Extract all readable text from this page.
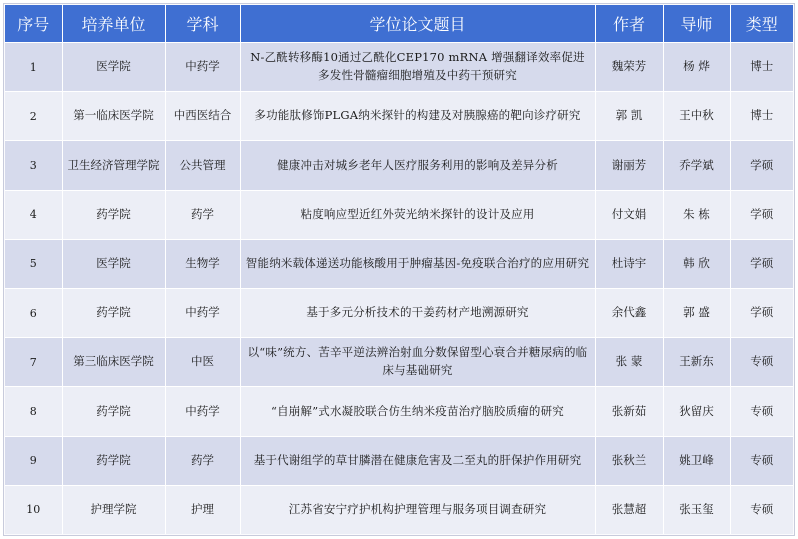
序号	培养单位	学科	学位论文题目	作者	导师	类型
1	医学院	中药学	N-乙酰转移酶10通过乙酰化CEP170 mRNA 增强翻译效率促进多发性骨髓瘤细胞增殖及中药干预研究	魏荣芳	杨 烨	博士
2	第一临床医学院	中西医结合	多功能肽修饰PLGA纳米探针的构建及对胰腺癌的靶向诊疗研究	郭 凯	王中秋	博士
3	卫生经济管理学院	公共管理	健康冲击对城乡老年人医疗服务利用的影响及差异分析	谢丽芳	乔学斌	学硕
4	药学院	药学	粘度响应型近红外荧光纳米探针的设计及应用	付文娟	朱 栋	学硕
5	医学院	生物学	智能纳米载体递送功能核酸用于肿瘤基因-免疫联合治疗的应用研究	杜诗宇	韩 欣	学硕
6	药学院	中药学	基于多元分析技术的干姜药材产地溯源研究	余代鑫	郭 盛	学硕
7	第三临床医学院	中医	以“味”统方、苦辛平逆法辨治射血分数保留型心衰合并糖尿病的临床与基础研究	张 蒙	王新东	专硕
8	药学院	中药学	“自崩解”式水凝胶联合仿生纳米疫苗治疗脑胶质瘤的研究	张新茹	狄留庆	专硕
9	药学院	药学	基于代谢组学的草甘膦潜在健康危害及二至丸的肝保护作用研究	张秋兰	姚卫峰	专硕
10	护理学院	护理	江苏省安宁疗护机构护理管理与服务项目调查研究	张慧超	张玉玺	专硕
